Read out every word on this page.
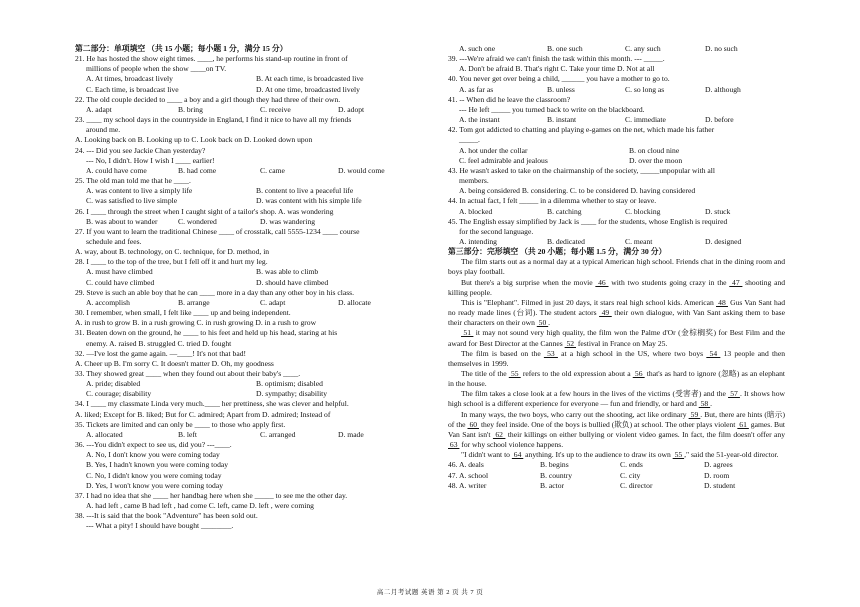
第二部分：单项填空 （共 15 小题；每小题 1 分，满分 15 分）
21. He has hosted the show eight times. ____, he performs his stand-up routine in front of
millions of people when the show ____on TV.
A. At times, broadcast lively	B. At each time, is broadcasted live
C. Each time, is broadcast live	D. At one time, broadcasted lively
22. The old couple decided to ____ a boy and a girl though they had three of their own.
A. adapt	B. bring	C. receive	D. adopt
23. ____ my school days in the countryside in England, I find it nice to have all my friends
around me.
A. Looking back on B. Looking up to C. Look back on D. Looked down upon
24. --- Did you see Jackie Chan yesterday?
--- No, I didn't. How I wish I ____ earlier!
A. could have come	B. had come	C. came	D. would come
25. The old man told me that he ____.
A. was content to live a simply life	B. content to live a peaceful life
C. was satisfied to live simple	D. was content with his simple life
26. I ____ through the street when I caught sight of a tailor's shop. A. was wondering
B. was about to wander	C. wondered	D. was wandering
27. If you want to learn the traditional Chinese ____ of crosstalk, call 5555-1234 ____ course
schedule and fees.
A. way, about B. technology, on C. technique, for D. method, in
28. I ____ to the top of the tree, but I fell off it and hurt my leg.
A. must have climbed	B. was able to climb
C. could have climbed	D. should have climbed
29. Steve is such an able boy that he can ____ more in a day than any other boy in his class.
A. accomplish	B. arrange	C. adapt	D. allocate
30. I remember, when small, I felt like ____ up and being independent.
A. in rush to grow B. in a rush growing C. in rush growing D. in a rush to grow
31. Beaten down on the ground, he ____ to his feet and held up his head, staring at his
enemy. A. raised B. struggled C. tried D. fought
32. —I've lost the game again. —____! It's not that bad!
A. Cheer up B. I'm sorry C. It doesn't matter D. Oh, my goodness
33. They showed great ____ when they found out about their baby's ____.
A. pride; disabled	B. optimism; disabled
C. courage; disability	D. sympathy; disability
34. I ____ my classmate Linda very much.____ her prettiness, she was clever and helpful.
A. liked; Except for B. liked; But for C. admired; Apart from D. admired; Instead of
35. Tickets are limited and can only be ____ to those who apply first.
A. allocated	B. left	C. arranged	D. made
36. ---You didn't expect to see us, did you? ---____.
A. No, I don't know you were coming today
B. Yes, I hadn't known you were coming today
C. No, I didn't know you were coming today
D. Yes, I won't know you were coming today
37. I had no idea that she ____ her handbag here when she _____ to see me the other day.
A. had left , came B had left , had come C. left, came D. left , were coming
38. ---It is said that the book "Adventure" has been sold out.
--- What a pity! I should have bought ________.
A. such one	B. one such	C. any such	D. no such
39. ---We're afraid we can't finish the task within this month. --- _____.
A. Don't be afraid B. That's right C. Take your time D. Not at all
40. You never get over being a child, ______ you have a mother to go to.
A. as far as	B. unless	C. so long as	D. although
41. -- When did he leave the classroom?
--- He left _____ you turned back to write on the blackboard.
A. the instant	B. instant	C. immediate	D. before
42. Tom got addicted to chatting and playing e-games on the net, which made his father
_____.
A. hot under the collar	B. on cloud nine
C. feel admirable and jealous	D. over the moon
43. He wasn't asked to take on the chairmanship of the society, _____unpopular with all
members.
A. being considered B. considering. C. to be considered D. having considered
44. In actual fact, I felt _____ in a dilemma whether to stay or leave.
A. blocked	B. catching	C. blocking	D. stuck
45. The English essay simplified by Jack is ____ for the students, whose English is required
for the second language.
A. intending	B. dedicated	C. meant	D. designed
第三部分：完形填空 （共 20 小题；每小题 1.5 分，满分 30 分）
The film starts out as a normal day at a typical American high school. Friends chat in the dining room and boys play football.
But there's a big surprise when the movie  46  with two students going crazy in the  47  shooting and killing people.
This is "Elephant". Filmed in just 20 days, it stars real high school kids. American  48  Gus Van Sant had no ready made lines (台词). The student actors  49  their own dialogue, with Van Sant asking them to base their characters on their own  50 .
51  it may not sound very high quality, the film won the Palme d'Or (金棕榈奖) for Best Film and the award for Best Director at the Cannes  52  festival in France on May 25.
The film is based on the  53  at a high school in the US, where two boys  54  13 people and then themselves in 1999.
The title of the  55  refers to the old expression about a  56  that's as hard to ignore (忽略) as an elephant in the house.
The film takes a close look at a few hours in the lives of the victims (受害者) and the  57 . It shows how high school is a different experience for everyone — fun and friendly, or hard and  58 .
In many ways, the two boys, who carry out the shooting, act like ordinary  59 . But, there are hints (暗示) of the  60  they feel inside. One of the boys is bullied (欺负) at school. The other plays violent  61  games. But Van Sant isn't  62  their killings on either bullying or violent video games. In fact, the film doesn't offer any  63  for why school violence happens.
"I didn't want to  64  anything. It's up to the audience to draw its own  55 ," said the 51-year-old director.
46. A. deals	B. begins	C. ends	D. agrees
47. A. school	B. country	C. city	D. room
48. A. writer	B. actor	C. director	D. student
高二月考试题 英语 第 2 页 共 7 页
